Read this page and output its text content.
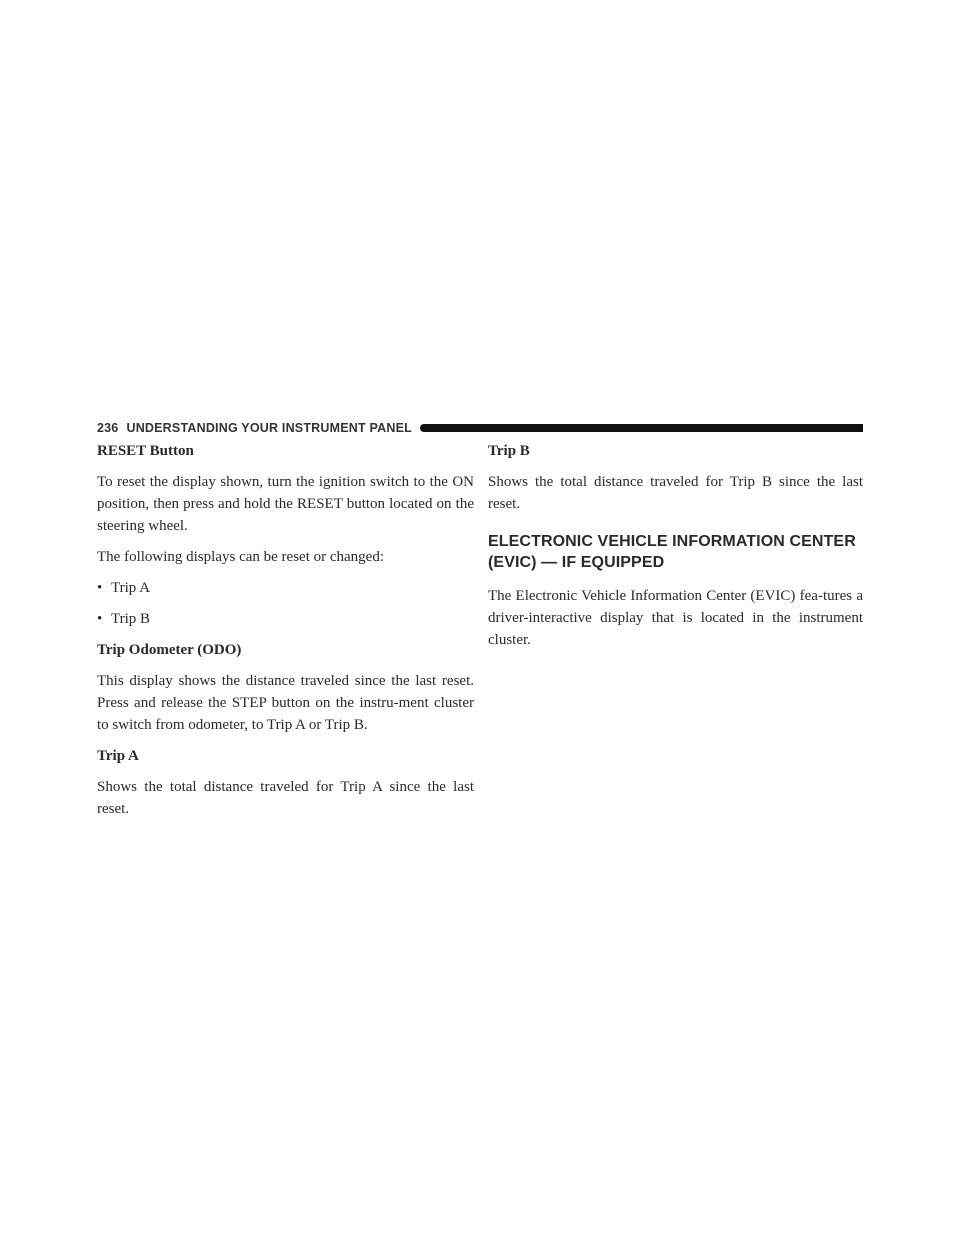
236 UNDERSTANDING YOUR INSTRUMENT PANEL
RESET Button

To reset the display shown, turn the ignition switch to the ON position, then press and hold the RESET button located on the steering wheel.

The following displays can be reset or changed:

• Trip A
• Trip B
Trip Odometer (ODO)

This display shows the distance traveled since the last reset. Press and release the STEP button on the instru-ment cluster to switch from odometer, to Trip A or Trip B.

Trip A

Shows the total distance traveled for Trip A since the last reset.

Trip B

Shows the total distance traveled for Trip B since the last reset.

ELECTRONIC VEHICLE INFORMATION CENTER
(EVIC) — IF EQUIPPED

The Electronic Vehicle Information Center (EVIC) fea-tures a driver-interactive display that is located in the instrument cluster.
